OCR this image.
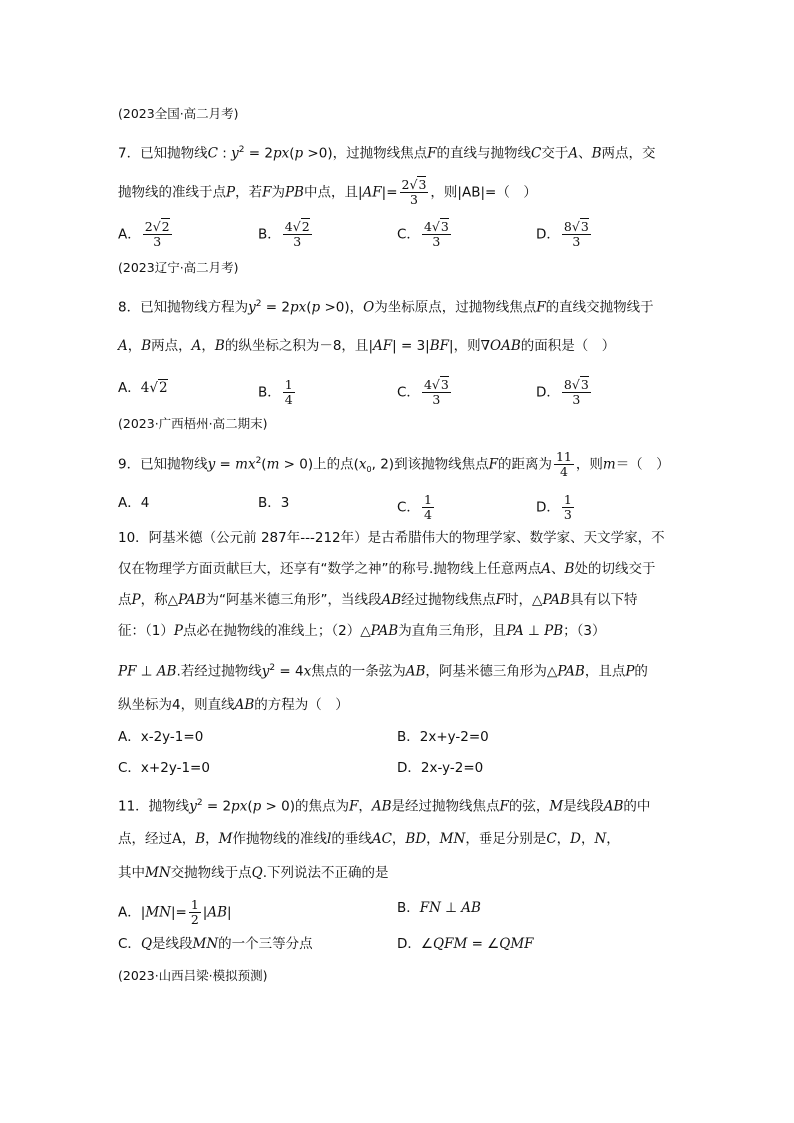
(2023全国·高二月考)
7．已知抛物线C : $y^2 = 2px(p >0)$，过抛物线焦点F的直线与抛物线C交于A、B两点，交
抛物线的准线于点P，若F为PB中点，且$|AF|= \frac{2√3}{3}$ ，则|AB|=（　）
A． $\frac{2√2}{3}$	B． $\frac{4√2}{3}$	C． $\frac{4√3}{3}$	D． $\frac{8√3}{3}$
(2023辽宁·高二月考)
8．已知抛物线方程为$y^2 = 2px(p >0)$，O为坐标原点，过抛物线焦点F的直线交抛物线于
A，B两点，A，B的纵坐标之积为－8，且|AF| = 3|BF|，则∇OAB的面积是（　）
A．4√2	B． $\frac{1}{4}$	C． $\frac{4√3}{3}$	D． $\frac{8√3}{3}$
(2023·广西梧州·高二期末)
9．已知抛物线$y = mx^2(m > 0)$上的点($x_0$, 2)到该抛物线焦点F的距离为 $\frac{11}{4}$ ，则m＝（　）
A．4	B．3	C． $\frac{1}{4}$	D． $\frac{1}{3}$
10．阿基米德（公元前 287年---212年）是古希腊伟大的物理学家、数学家、天文学家，不
仅在物理学方面贡献巨大，还享有“数学之神”的称号.抛物线上任意两点A、B处的切线交于
点P，称△PAB为“阿基米德三角形”，当线段AB经过抛物线焦点F时，△PAB具有以下特
征：（1）P点必在抛物线的准线上；（2）△PAB为直角三角形，且PA ⊥ PB；（3）
PF ⊥ AB.若经过抛物线$y^2 = 4x$焦点的一条弦为AB，阿基米德三角形为△PAB，且点P的
纵坐标为4，则直线AB的方程为（　）
A．x-2y-1=0	B．2x+y-2=0
C．x+2y-1=0	D．2x-y-2=0
11．抛物线$y^2 = 2px(p > 0)$的焦点为F，AB是经过抛物线焦点F的弦，M是线段AB的中
点，经过A，B，M作抛物线的准线l的垂线AC，BD，MN，垂足分别是C，D，N，
其中MN交抛物线于点Q.下列说法不正确的是
A．$|MN|= \frac{1}{2} |AB|$	B．FN ⊥ AB
C．Q是线段MN的一个三等分点	D．∠QFM = ∠QMF
(2023·山西吕梁·模拟预测)
